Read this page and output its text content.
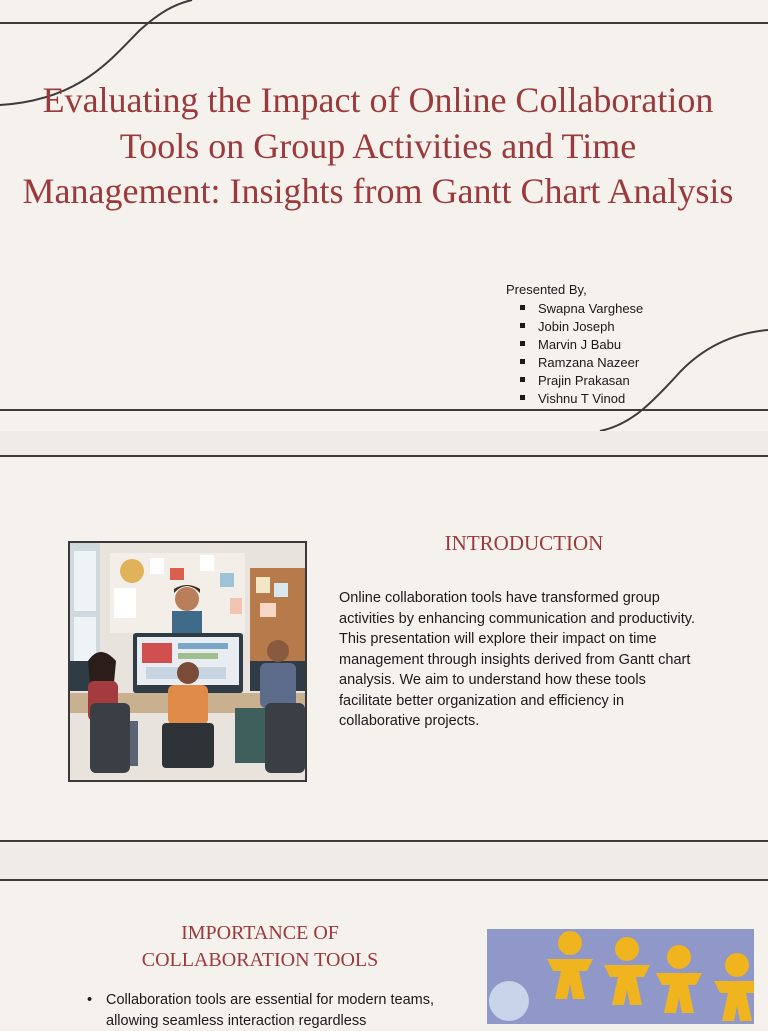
Evaluating the Impact of Online Collaboration Tools on Group Activities and Time Management: Insights from Gantt Chart Analysis
Presented By,
Swapna Varghese
Jobin Joseph
Marvin J Babu
Ramzana Nazeer
Prajin Prakasan
Vishnu T Vinod
INTRODUCTION
Online collaboration tools have transformed group activities by enhancing communication and productivity. This presentation will explore their impact on time management through insights derived from Gantt chart analysis. We aim to understand how these tools facilitate better organization and efficiency in collaborative projects.
IMPORTANCE OF COLLABORATION TOOLS
• Collaboration tools are essential for modern teams, allowing seamless interaction regardless
